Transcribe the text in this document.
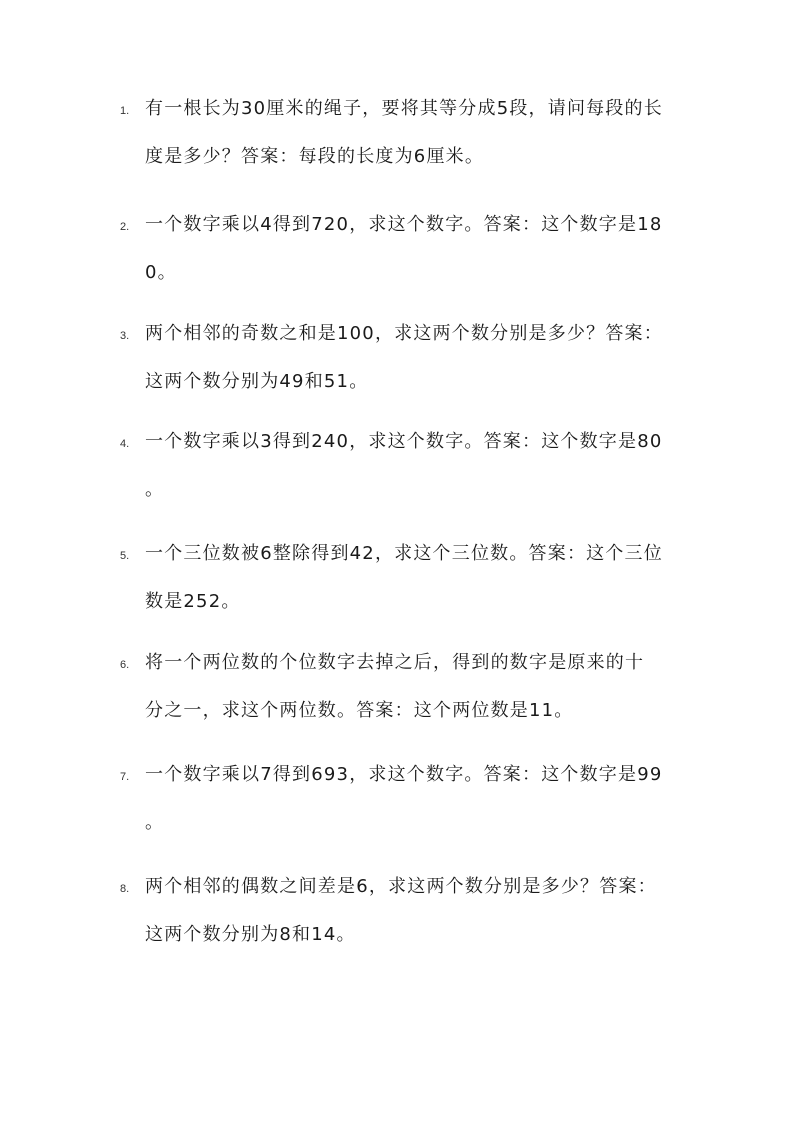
1. 有一根长为30厘米的绳子，要将其等分成5段，请问每段的长
度是多少？答案：每段的长度为6厘米。
2. 一个数字乘以4得到720，求这个数字。答案：这个数字是18
0。
3. 两个相邻的奇数之和是100，求这两个数分别是多少？答案：
这两个数分别为49和51。
4. 一个数字乘以3得到240，求这个数字。答案：这个数字是80
。
5. 一个三位数被6整除得到42，求这个三位数。答案：这个三位
数是252。
6. 将一个两位数的个位数字去掉之后，得到的数字是原来的十
分之一，求这个两位数。答案：这个两位数是11。
7. 一个数字乘以7得到693，求这个数字。答案：这个数字是99
。
8. 两个相邻的偶数之间差是6，求这两个数分别是多少？答案：
这两个数分别为8和14。
